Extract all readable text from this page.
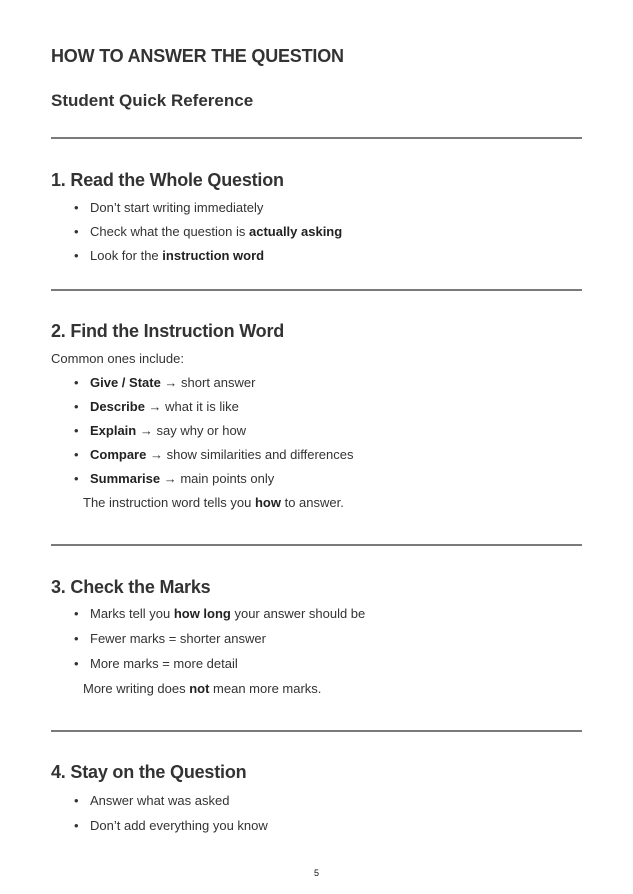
HOW TO ANSWER THE QUESTION
Student Quick Reference
1. Read the Whole Question
• Don’t start writing immediately
• Check what the question is actually asking
• Look for the instruction word
2. Find the Instruction Word
Common ones include:
• Give / State → short answer
• Describe → what it is like
• Explain → say why or how
• Compare → show similarities and differences
• Summarise → main points only
The instruction word tells you how to answer.
3. Check the Marks
• Marks tell you how long your answer should be
• Fewer marks = shorter answer
• More marks = more detail
More writing does not mean more marks.
4. Stay on the Question
• Answer what was asked
• Don’t add everything you know
5
